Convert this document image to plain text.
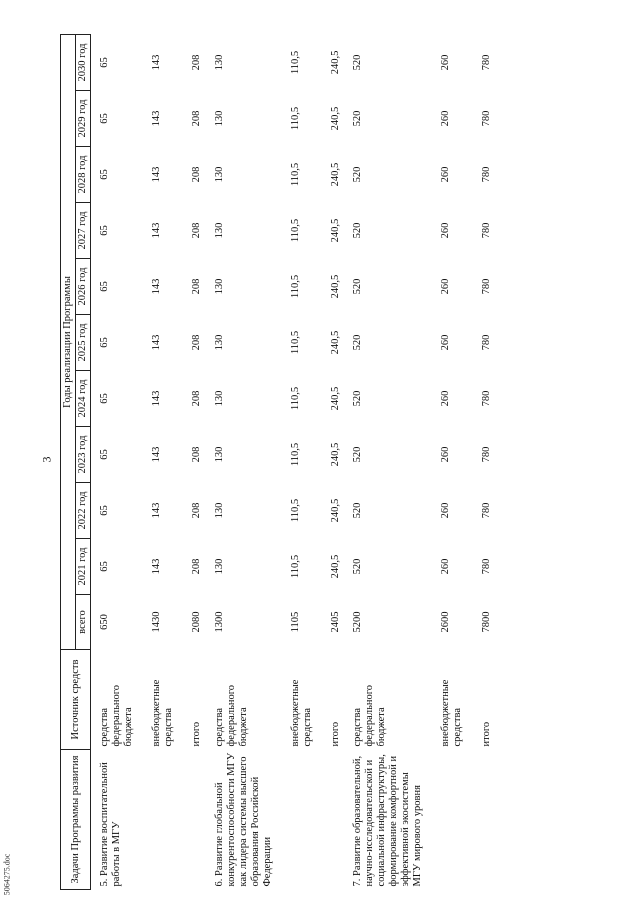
3
Задачи Программы развития	Источник средств	Годы реализации Программы										
		всего	2021 год	2022 год	2023 год	2024 год	2025 год	2026 год	2027 год	2028 год	2029 год	2030 год
5. Развитие воспитательной работы в МГУ	средства федерального бюджета	650	65	65	65	65	65	65	65	65	65	65
	внебюджетные средства	1430	143	143	143	143	143	143	143	143	143	143
	итого	2080	208	208	208	208	208	208	208	208	208	208
6. Развитие глобальной конкурентоспособности МГУ как лидера системы высшего образования Российской Федерации	средства федерального бюджета	1300	130	130	130	130	130	130	130	130	130	130
	внебюджетные средства	1105	110,5	110,5	110,5	110,5	110,5	110,5	110,5	110,5	110,5	110,5
	итого	2405	240,5	240,5	240,5	240,5	240,5	240,5	240,5	240,5	240,5	240,5
7. Развитие образовательной, научно-исследовательской и социальной инфраструктуры, формирование комфортной и эффективной экосистемы МГУ мирового уровня	средства федерального бюджета	5200	520	520	520	520	520	520	520	520	520	520
	внебюджетные средства	2600	260	260	260	260	260	260	260	260	260	260
	итого	7800	780	780	780	780	780	780	780	780	780	780
5064275.doc
